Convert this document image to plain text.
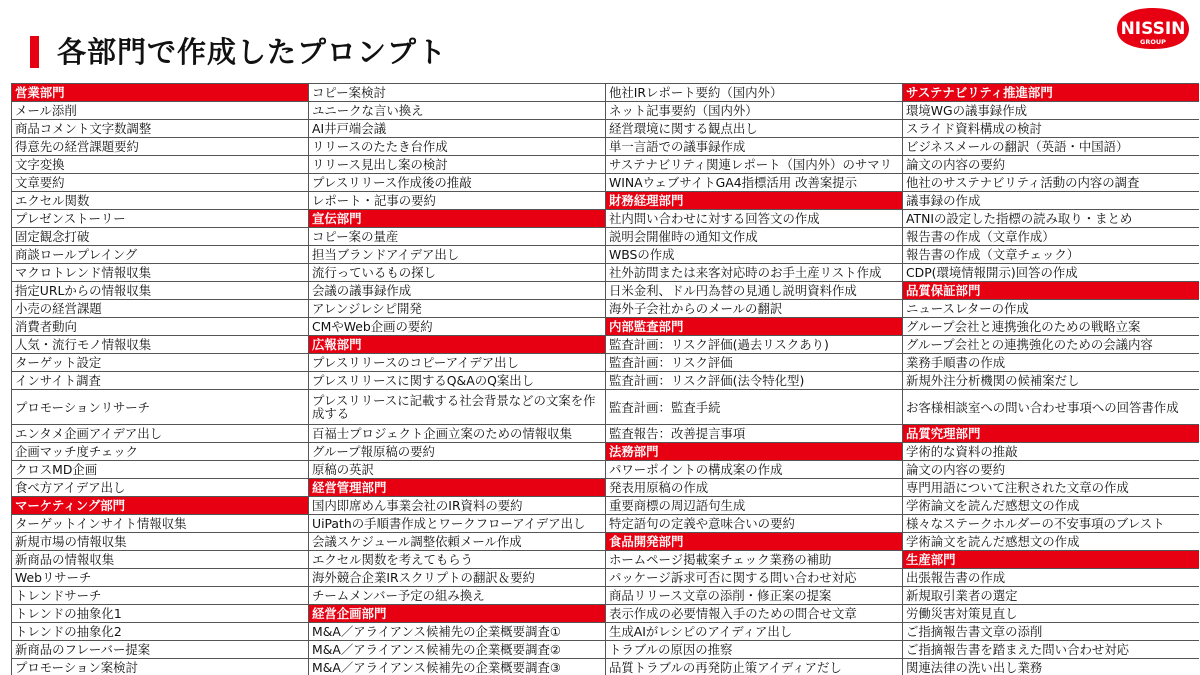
各部門で作成したプロンプト
NISSIN
GROUP
営業部門	コピー案検討	他社IRレポート要約（国内外）	サステナビリティ推進部門
メール添削	ユニークな言い換え	ネット記事要約（国内外）	環境WGの議事録作成
商品コメント文字数調整	AI井戸端会議	経営環境に関する観点出し	スライド資料構成の検討
得意先の経営課題要約	リリースのたたき台作成	単一言語での議事録作成	ビジネスメールの翻訳（英語・中国語）
文字変換	リリース見出し案の検討	サステナビリティ関連レポート（国内外）のサマリ	論文の内容の要約
文章要約	プレスリリース作成後の推敲	WINAウェブサイトGA4指標活用 改善案提示	他社のサステナビリティ活動の内容の調査
エクセル関数	レポート・記事の要約	財務経理部門	議事録の作成
プレゼンストーリー	宣伝部門	社内問い合わせに対する回答文の作成	ATNIの設定した指標の読み取り・まとめ
固定観念打破	コピー案の量産	説明会開催時の通知文作成	報告書の作成（文章作成）
商談ロールプレイング	担当ブランドアイデア出し	WBSの作成	報告書の作成（文章チェック）
マクロトレンド情報収集	流行っているもの探し	社外訪問または来客対応時のお手土産リスト作成	CDP(環境情報開示)回答の作成
指定URLからの情報収集	会議の議事録作成	日米金利、ドル円為替の見通し説明資料作成	品質保証部門
小売の経営課題	アレンジレシピ開発	海外子会社からのメールの翻訳	ニュースレターの作成
消費者動向	CMやWeb企画の要約	内部監査部門	グループ会社と連携強化のための戦略立案
人気・流行モノ情報収集	広報部門	監査計画：リスク評価(過去リスクあり)	グループ会社との連携強化のための会議内容
ターゲット設定	プレスリリースのコピーアイデア出し	監査計画：リスク評価	業務手順書の作成
インサイト調査	プレスリリースに関するQ&AのQ案出し	監査計画：リスク評価(法令特化型)	新規外注分析機関の候補案だし
プロモーションリサーチ	プレスリリースに記載する社会背景などの文案を作成する	監査計画：監査手続	お客様相談室への問い合わせ事項への回答書作成
エンタメ企画アイデア出し	百福士プロジェクト企画立案のための情報収集	監査報告：改善提言事項	品質究理部門
企画マッチ度チェック	グループ報原稿の要約	法務部門	学術的な資料の推敲
クロスMD企画	原稿の英訳	パワーポイントの構成案の作成	論文の内容の要約
食べ方アイデア出し	経営管理部門	発表用原稿の作成	専門用語について注釈された文章の作成
マーケティング部門	国内即席めん事業会社のIR資料の要約	重要商標の周辺語句生成	学術論文を読んだ感想文の作成
ターゲットインサイト情報収集	UiPathの手順書作成とワークフローアイデア出し	特定語句の定義や意味合いの要約	様々なステークホルダーの不安事項のブレスト
新規市場の情報収集	会議スケジュール調整依頼メール作成	食品開発部門	学術論文を読んだ感想文の作成
新商品の情報収集	エクセル関数を考えてもらう	ホームページ掲載案チェック業務の補助	生産部門
Webリサーチ	海外競合企業IRスクリプトの翻訳＆要約	パッケージ訴求可否に関する問い合わせ対応	出張報告書の作成
トレンドサーチ	チームメンバー予定の組み換え	商品リリース文章の添削・修正案の提案	新規取引業者の選定
トレンドの抽象化1	経営企画部門	表示作成の必要情報入手のための問合せ文章	労働災害対策見直し
トレンドの抽象化2	M&A／アライアンス候補先の企業概要調査①	生成AIがレシピのアイディア出し	ご指摘報告書文章の添削
新商品のフレーバー提案	M&A／アライアンス候補先の企業概要調査②	トラブルの原因の推察	ご指摘報告書を踏まえた問い合わせ対応
プロモーション案検討	M&A／アライアンス候補先の企業概要調査③	品質トラブルの再発防止策アイディアだし	関連法律の洗い出し業務
